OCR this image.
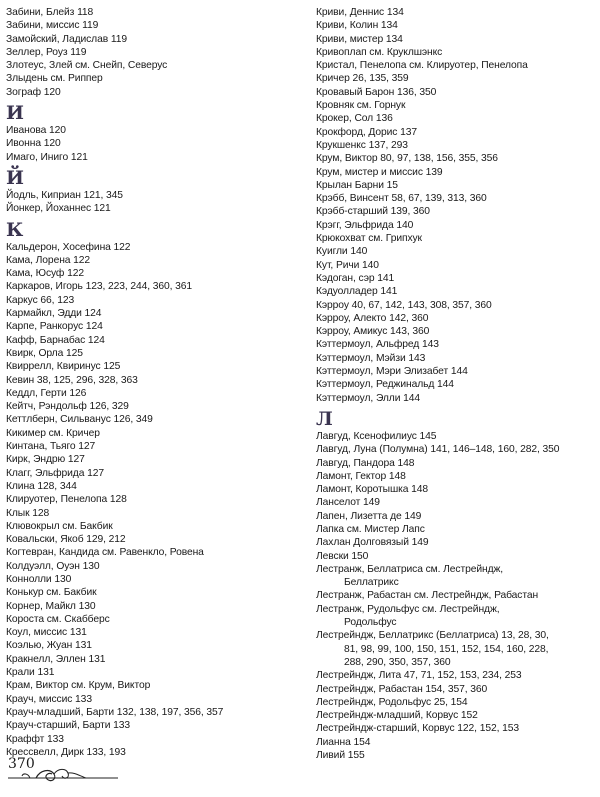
Забини, Блейз 118
Забини, миссис 119
Замойский, Ладислав 119
Зеллер, Роуз 119
Злотеус, Злей см. Снейп, Северус
Злыдень см. Риппер
Зограф 120
И
Иванова 120
Ивонна 120
Имаго, Иниго 121
Й
Йодль, Киприан 121, 345
Йонкер, Йоханнес 121
К
Кальдерон, Хосефина 122
Кама, Лорена 122
Кама, Юсуф 122
Каркаров, Игорь 123, 223, 244, 360, 361
Каркус 66, 123
Кармайкл, Эдди 124
Карпе, Ранкорус 124
Кафф, Барнабас 124
Квирк, Орла 125
Квиррелл, Квиринус 125
Кевин 38, 125, 296, 328, 363
Кеддл, Герти 126
Кейтч, Рэндольф 126, 329
Кеттлберн, Сильванус 126, 349
Кикимер см. Кричер
Кинтана, Тьяго 127
Кирк, Эндрю 127
Клагг, Эльфрида 127
Клина 128, 344
Клируотер, Пенелопа 128
Клык 128
Клювокрыл см. Бакбик
Ковальски, Якоб 129, 212
Когтевран, Кандида см. Равенкло, Ровена
Колдуэлл, Оуэн 130
Коннолли 130
Конькур см. Бакбик
Корнер, Майкл 130
Короста см. Скабберс
Коул, миссис 131
Коэлью, Жуан 131
Кракнелл, Эллен 131
Крали 131
Крам, Виктор см. Крум, Виктор
Крауч, миссис 133
Крауч-младший, Барти 132, 138, 197, 356, 357
Крауч-старший, Барти 133
Краффт 133
Крессвелл, Дирк 133, 193
Криви, Деннис 134
Криви, Колин 134
Криви, мистер 134
Кривоплап см. Круклшэнкс
Кристал, Пенелопа см. Клируотер, Пенелопа
Кричер 26, 135, 359
Кровавый Барон 136, 350
Кровняк см. Горнук
Крокер, Сол 136
Крокфорд, Дорис 137
Крукшенкс 137, 293
Крум, Виктор 80, 97, 138, 156, 355, 356
Крум, мистер и миссис 139
Крылан Барни 15
Крэбб, Винсент 58, 67, 139, 313, 360
Крэбб-старший 139, 360
Крэгг, Эльфрида 140
Крюкохват см. Грипхук
Куигли 140
Кут, Ричи 140
Кэдоган, сэр 141
Кэдуолладер 141
Кэрроу 40, 67, 142, 143, 308, 357, 360
Кэрроу, Алекто 142, 360
Кэрроу, Амикус 143, 360
Кэттермоул, Альфред 143
Кэттермоул, Мэйзи 143
Кэттермоул, Мэри Элизабет 144
Кэттермоул, Реджинальд 144
Кэттермоул, Элли 144
Л
Лавгуд, Ксенофилиус 145
Лавгуд, Луна (Полумна) 141, 146–148, 160, 282, 350
Лавгуд, Пандора 148
Ламонт, Гектор 148
Ламонт, Коротышка 148
Ланселот 149
Лапен, Лизетта де 149
Лапка см. Мистер Лапс
Лахлан Долговязый 149
Левски 150
Лестранж, Беллатриса см. Лестрейндж,
Беллатрикс
Лестранж, Рабастан см. Лестрейндж, Рабастан
Лестранж, Рудольфус см. Лестрейндж,
Родольфус
Лестрейндж, Беллатрикс (Беллатриса) 13, 28, 30,
81, 98, 99, 100, 150, 151, 152, 154, 160, 228,
288, 290, 350, 357, 360
Лестрейндж, Лита 47, 71, 152, 153, 234, 253
Лестрейндж, Рабастан 154, 357, 360
Лестрейндж, Родольфус 25, 154
Лестрейндж-младший, Корвус 152
Лестрейндж-старший, Корвус 122, 152, 153
Лианна 154
Ливий 155
370
